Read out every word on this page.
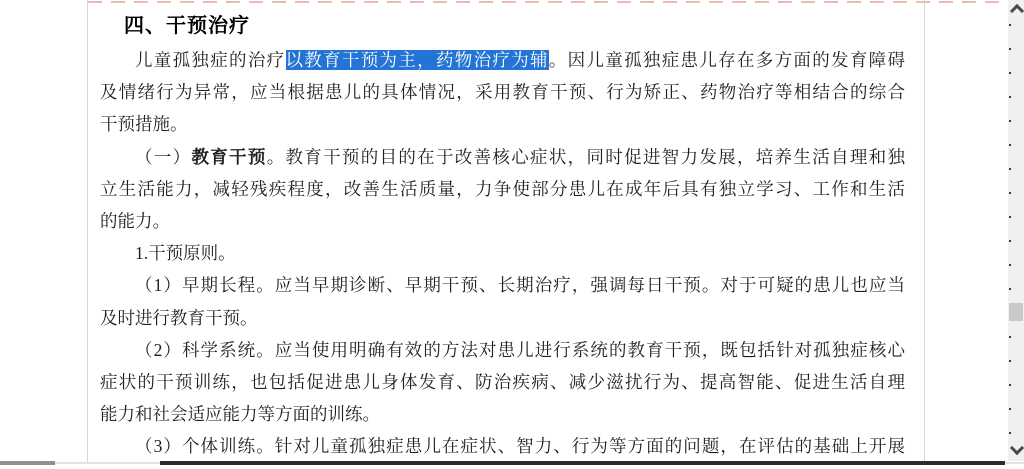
四、干预治疗
儿童孤独症的治疗以教育干预为主，药物治疗为辅。因儿童孤独症患儿存在多方面的发育障碍
及情绪行为异常，应当根据患儿的具体情况，采用教育干预、行为矫正、药物治疗等相结合的综合
干预措施。
（一）教育干预。教育干预的目的在于改善核心症状，同时促进智力发展，培养生活自理和独
立生活能力，减轻残疾程度，改善生活质量，力争使部分患儿在成年后具有独立学习、工作和生活
的能力。
1.干预原则。
（1）早期长程。应当早期诊断、早期干预、长期治疗，强调每日干预。对于可疑的患儿也应当
及时进行教育干预。
（2）科学系统。应当使用明确有效的方法对患儿进行系统的教育干预，既包括针对孤独症核心
症状的干预训练，也包括促进患儿身体发育、防治疾病、减少滋扰行为、提高智能、促进生活自理
能力和社会适应能力等方面的训练。
（3）个体训练。针对儿童孤独症患儿在症状、智力、行为等方面的问题，在评估的基础上开展
